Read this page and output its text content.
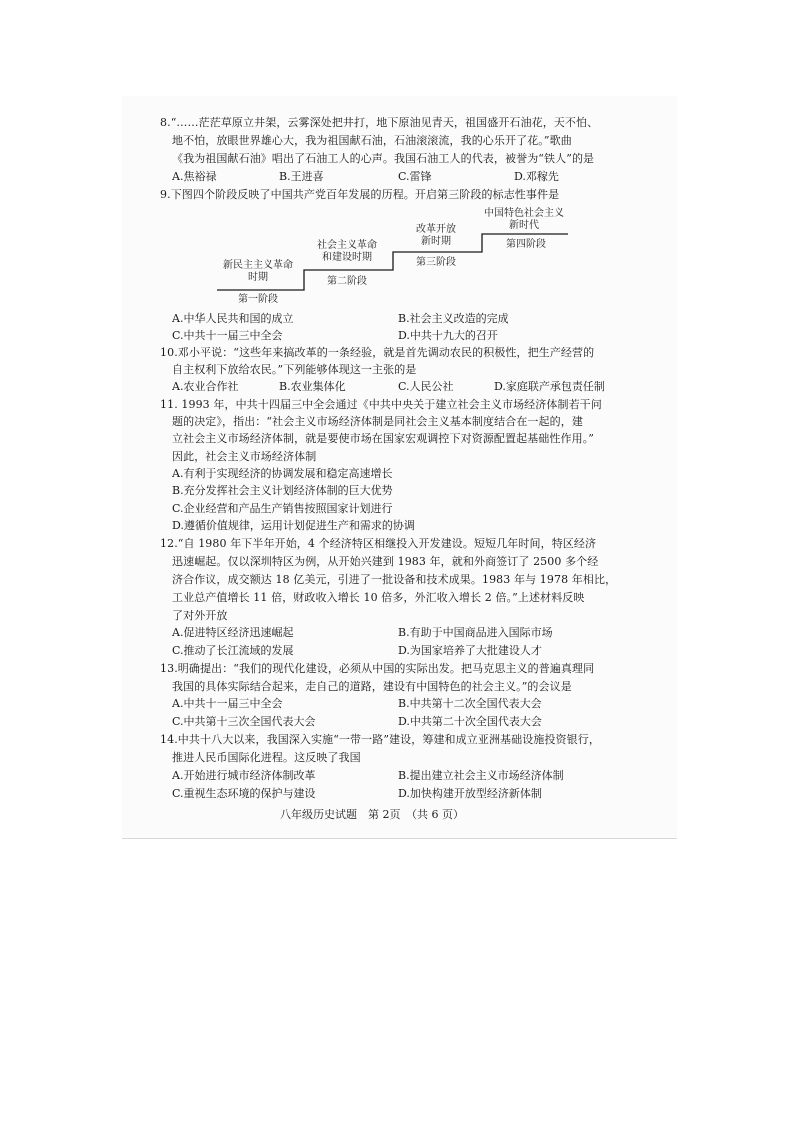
8.“……茫茫草原立井架，云雾深处把井打，地下原油见青天，祖国盛开石油花，天不怕、
地不怕，放眼世界雄心大，我为祖国献石油，石油滚滚流，我的心乐开了花。”歌曲
《我为祖国献石油》唱出了石油工人的心声。我国石油工人的代表，被誉为“铁人”的是
A.焦裕禄	B.王进喜	C.雷锋	D.邓稼先
9.下图四个阶段反映了中国共产党百年发展的历程。开启第三阶段的标志性事件是
新民主主义革命
时期
第一阶段
社会主义革命
和建设时期
第二阶段
改革开放
新时期
第三阶段
中国特色社会主义
新时代
第四阶段
A.中华人民共和国的成立	B.社会主义改造的完成
C.中共十一届三中全会	D.中共十九大的召开
10.邓小平说：“这些年来搞改革的一条经验，就是首先调动农民的积极性，把生产经营的
自主权利下放给农民。”下列能够体现这一主张的是
A.农业合作社	B.农业集体化	C.人民公社	D.家庭联产承包责任制
11. 1993 年，中共十四届三中全会通过《中共中央关于建立社会主义市场经济体制若干问
题的决定》，指出：“社会主义市场经济体制是同社会主义基本制度结合在一起的，建
立社会主义市场经济体制，就是要使市场在国家宏观调控下对资源配置起基础性作用。”
因此，社会主义市场经济体制
A.有利于实现经济的协调发展和稳定高速增长
B.充分发挥社会主义计划经济体制的巨大优势
C.企业经营和产品生产销售按照国家计划进行
D.遵循价值规律，运用计划促进生产和需求的协调
12.“自 1980 年下半年开始，4 个经济特区相继投入开发建设。短短几年时间，特区经济
迅速崛起。仅以深圳特区为例，从开始兴建到 1983 年，就和外商签订了 2500 多个经
济合作议，成交额达 18 亿美元，引进了一批设备和技术成果。1983 年与 1978 年相比，
工业总产值增长 11 倍，财政收入增长 10 倍多，外汇收入增长 2 倍。”上述材料反映
了对外开放
A.促进特区经济迅速崛起	B.有助于中国商品进入国际市场
C.推动了长江流域的发展	D.为国家培养了大批建设人才
13.明确提出：“我们的现代化建设，必须从中国的实际出发。把马克思主义的普遍真理同
我国的具体实际结合起来，走自己的道路，建设有中国特色的社会主义。”的会议是
A.中共十一届三中全会	B.中共第十二次全国代表大会
C.中共第十三次全国代表大会	D.中共第二十次全国代表大会
14.中共十八大以来，我国深入实施“一带一路”建设，筹建和成立亚洲基础设施投资银行，
推进人民币国际化进程。这反映了我国
A.开始进行城市经济体制改革	B.提出建立社会主义市场经济体制
C.重视生态环境的保护与建设	D.加快构建开放型经济新体制
八年级历史试题　第 2页　（共 6 页）
